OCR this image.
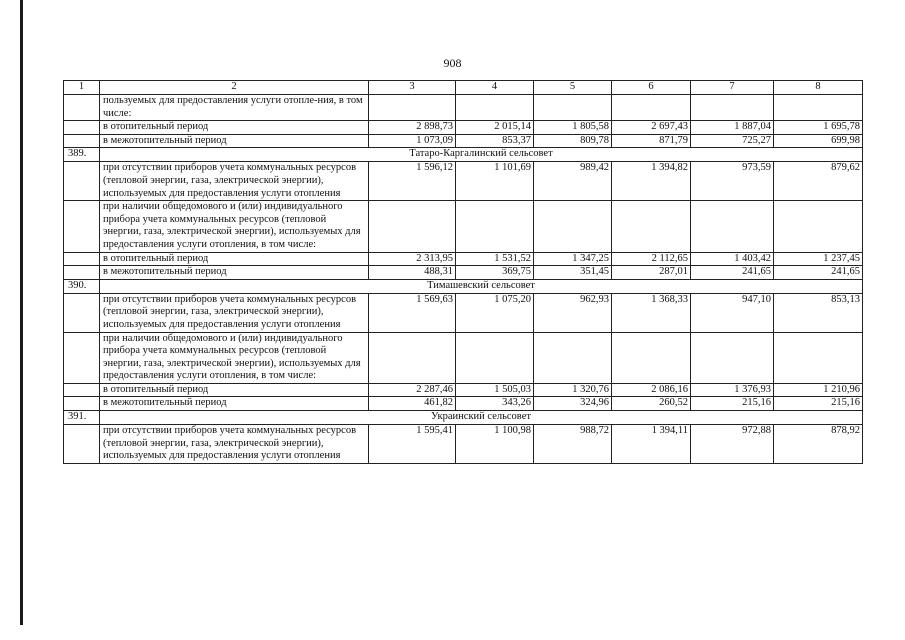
908
1	2	3	4	5	6	7	8
	пользуемых для предоставления услуги отопле-ния, в том числе:						
	в отопительный период	2 898,73	2 015,14	1 805,58	2 697,43	1 887,04	1 695,78
	в межотопительный период	1 073,09	853,37	809,78	871,79	725,27	699,98
389.	Татаро-Каргалинский сельсовет						
	при отсутствии приборов учета коммунальных ресурсов (тепловой энергии, газа, электрической энергии), используемых для предоставления услуги отопления	1 596,12	1 101,69	989,42	1 394,82	973,59	879,62
	при наличии общедомового и (или) индивидуального прибора учета коммунальных ресурсов (тепловой энергии, газа, электрической энергии), используемых для предоставления услуги отопления, в том числе:						
	в отопительный период	2 313,95	1 531,52	1 347,25	2 112,65	1 403,42	1 237,45
	в межотопительный период	488,31	369,75	351,45	287,01	241,65	241,65
390.	Тимашевский сельсовет						
	при отсутствии приборов учета коммунальных ресурсов (тепловой энергии, газа, электрической энергии), используемых для предоставления услуги отопления	1 569,63	1 075,20	962,93	1 368,33	947,10	853,13
	при наличии общедомового и (или) индивидуального прибора учета коммунальных ресурсов (тепловой энергии, газа, электрической энергии), используемых для предоставления услуги отопления, в том числе:						
	в отопительный период	2 287,46	1 505,03	1 320,76	2 086,16	1 376,93	1 210,96
	в межотопительный период	461,82	343,26	324,96	260,52	215,16	215,16
391.	Украинский сельсовет						
	при отсутствии приборов учета коммунальных ресурсов (тепловой энергии, газа, электрической энергии), используемых для предоставления услуги отопления	1 595,41	1 100,98	988,72	1 394,11	972,88	878,92
